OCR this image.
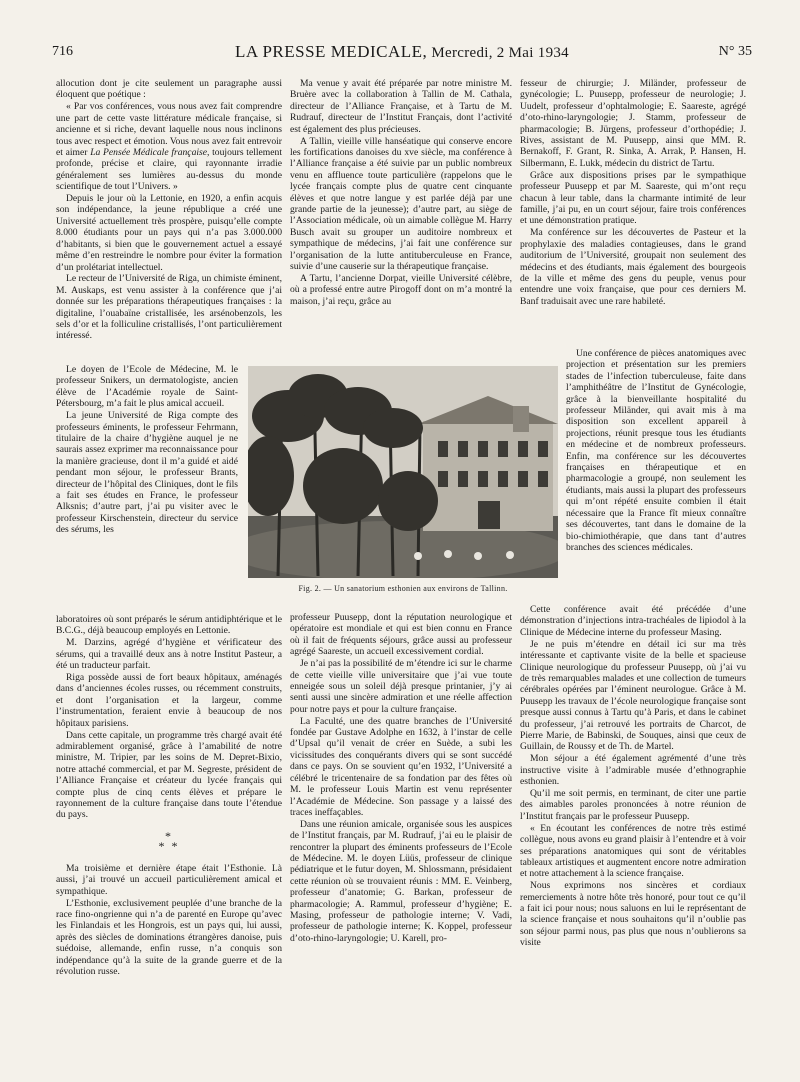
716	LA PRESSE MEDICALE, Mercredi, 2 Mai 1934	N° 35

allocution dont je cite seulement un paragraphe aussi éloquent que poétique :

« Par vos conférences, vous nous avez fait comprendre une part de cette vaste littérature médicale française, si ancienne et si riche, devant laquelle nous nous inclinons tous avec respect et émotion. Vous nous avez fait entrevoir et aimer La Pensée Médicale française, toujours tellement profonde, précise et claire, qui rayonnante irradie généralement ses lumières au-dessus du monde scientifique de tout l’Univers. »

Depuis le jour où la Lettonie, en 1920, a enfin acquis son indépendance, la jeune république a créé une Université actuellement très prospère, puisqu’elle compte 8.000 étudiants pour un pays qui n’a pas 3.000.000 d’habitants, si bien que le gouvernement actuel a essayé même d’en restreindre le nombre pour éviter la formation d’un prolétariat intellectuel.

Le recteur de l’Université de Riga, un chimiste éminent, M. Auskaps, est venu assister à la conférence que j’ai donnée sur les préparations thérapeutiques françaises : la digitaline, l’ouabaïne cristallisée, les arsénobenzols, les sels d’or et la folliculine cristallisés, l’ont particulièrement intéressé.

Le doyen de l’Ecole de Médecine, M. le professeur Snikers, un dermatologiste, ancien élève de l’Académie royale de Saint-Pétersbourg, m’a fait le plus amical accueil.

La jeune Université de Riga compte des professeurs éminents, le professeur Fehrmann, titulaire de la chaire d’hygiène auquel je ne saurais assez exprimer ma reconnaissance pour la manière gracieuse, dont il m’a guidé et aidé pendant mon séjour, le professeur Brants, directeur de l’hôpital des Cliniques, dont le fils a fait ses études en France, le professeur Alksnis; d’autre part, j’ai pu visiter avec le professeur Kirschenstein, directeur du service des sérums, les

laboratoires où sont préparés le sérum antidiphtérique et le B.C.G., déjà beaucoup employés en Lettonie.

M. Darzins, agrégé d’hygiène et vérificateur des sérums, qui a travaillé deux ans à notre Institut Pasteur, a été un traducteur parfait.

Riga possède aussi de fort beaux hôpitaux, aménagés dans d’anciennes écoles russes, ou récemment construits, et dont l’organisation et la largeur, comme l’instrumentation, feraient envie à beaucoup de nos hôpitaux parisiens.

Dans cette capitale, un programme très chargé avait été admirablement organisé, grâce à l’amabilité de notre ministre, M. Tripier, par les soins de M. Depret-Bixio, notre attaché commercial, et par M. Segreste, président de l’Alliance Française et créateur du lycée français qui compte plus de cinq cents élèves et prépare le rayonnement de la culture française dans toute l’étendue du pays.

*
* *

Ma troisième et dernière étape était l’Esthonie. Là aussi, j’ai trouvé un accueil particulièrement amical et sympathique.

L’Esthonie, exclusivement peuplée d’une branche de la race fino-ongrienne qui n’a de parenté en Europe qu’avec les Finlandais et les Hongrois, est un pays qui, lui aussi, après des siècles de dominations étrangères danoise, puis suédoise, allemande, enfin russe, n’a conquis son indépendance qu’à la suite de la grande guerre et de la révolution russe.

Ma venue y avait été préparée par notre ministre M. Bruère avec la collaboration à Tallin de M. Cathala, directeur de l’Alliance Française, et à Tartu de M. Rudrauf, directeur de l’Institut Français, dont l’activité est également des plus précieuses.

A Tallin, vieille ville hanséatique qui conserve encore les fortifications danoises du xve siècle, ma conférence à l’Alliance française a été suivie par un public nombreux venu en affluence toute particulière (rappelons que le lycée français compte plus de quatre cent cinquante élèves et que notre langue y est parlée déjà par une grande partie de la jeunesse); d’autre part, au siège de l’Association médicale, où un aimable collègue M. Harry Busch avait su grouper un auditoire nombreux et sympathique de médecins, j’ai fait une conférence sur l’organisation de la lutte antituberculeuse en France, suivie d’une causerie sur la thérapeutique française.

A Tartu, l’ancienne Dorpat, vieille Université célèbre, où a professé entre autre Pirogoff dont on m’a montré la maison, j’ai reçu, grâce au

Fig. 2. — Un sanatorium esthonien aux environs de Tallinn.

professeur Puusepp, dont la réputation neurologique et opératoire est mondiale et qui est bien connu en France où il fait de fréquents séjours, grâce aussi au professeur agrégé Saareste, un accueil excessivement cordial.

Je n’ai pas la possibilité de m’étendre ici sur le charme de cette vieille ville universitaire que j’ai vue toute enneigée sous un soleil déjà presque printanier, j’y ai senti aussi une sincère admiration et une réelle affection pour notre pays et pour la culture française.

La Faculté, une des quatre branches de l’Université fondée par Gustave Adolphe en 1632, à l’instar de celle d’Upsal qu’il venait de créer en Suède, a subi les vicissitudes des conquérants divers qui se sont succédé dans ce pays. On se souvient qu’en 1932, l’Université a célébré le tricentenaire de sa fondation par des fêtes où M. le professeur Louis Martin est venu représenter l’Académie de Médecine. Son passage y a laissé des traces ineffaçables.

Dans une réunion amicale, organisée sous les auspices de l’Institut français, par M. Rudrauf, j’ai eu le plaisir de rencontrer la plupart des éminents professeurs de l’Ecole de Médecine. M. le doyen Lüüs, professeur de clinique pédiatrique et le futur doyen, M. Shlossmann, présidaient cette réunion où se trouvaient réunis : MM. E. Veinberg, professeur d’anatomie; G. Barkan, professeur de pharmacologie; A. Rammul, professeur d’hygiène; E. Masing, professeur de pathologie interne; V. Vadi, professeur de pathologie interne; K. Koppel, professeur d’oto-rhino-laryngologie; U. Karell, pro-

fesseur de chirurgie; J. Miländer, professeur de gynécologie; L. Puusepp, professeur de neurologie; J. Uudelt, professeur d’ophtalmologie; E. Saareste, agrégé d’oto-rhino-laryngologie; J. Stamm, professeur de pharmacologie; B. Jürgens, professeur d’orthopédie; J. Rives, assistant de M. Puusepp, ainsi que MM. R. Bernakoff, F. Grant, R. Sinka, A. Arrak, P. Hansen, H. Silbermann, E. Lukk, médecin du district de Tartu.

Grâce aux dispositions prises par le sympathique professeur Puusepp et par M. Saareste, qui m’ont reçu chacun à leur table, dans la charmante intimité de leur famille, j’ai pu, en un court séjour, faire trois conférences et une démonstration pratique.

Ma conférence sur les découvertes de Pasteur et la prophylaxie des maladies contagieuses, dans le grand auditorium de l’Université, groupait non seulement des médecins et des étudiants, mais également des bourgeois de la ville et même des gens du peuple, venus pour entendre une voix française, que pour ces derniers M. Banf traduisait avec une rare habileté.

Une conférence de pièces anatomiques avec projection et présentation sur les premiers stades de l’infection tuberculeuse, faite dans l’amphithéâtre de l’Institut de Gynécologie, grâce à la bienveillante hospitalité du professeur Miländer, qui avait mis à ma disposition son excellent appareil à projections, réunit presque tous les étudiants en médecine et de nombreux professeurs. Enfin, ma conférence sur les découvertes françaises en thérapeutique et en pharmacologie a groupé, non seulement les étudiants, mais aussi la plupart des professeurs qui m’ont répété ensuite combien il était nécessaire que la France fît mieux connaître ses découvertes, tant dans le domaine de la bio-chimiothérapie, que dans tant d’autres branches des sciences médicales.

Cette conférence avait été précédée d’une démonstration d’injections intra-trachéales de lipiodol à la Clinique de Médecine interne du professeur Masing.

Je ne puis m’étendre en détail ici sur ma très intéressante et captivante visite de la belle et spacieuse Clinique neurologique du professeur Puusepp, où j’ai vu de très remarquables malades et une collection de tumeurs cérébrales opérées par l’éminent neurologue. Grâce à M. Puusepp les travaux de l’école neurologique française sont presque aussi connus à Tartu qu’à Paris, et dans le cabinet du professeur, j’ai retrouvé les portraits de Charcot, de Pierre Marie, de Babinski, de Souques, ainsi que ceux de Guillain, de Roussy et de Th. de Martel.

Mon séjour a été également agrémenté d’une très instructive visite à l’admirable musée d’ethnographie esthonien.

Qu’il me soit permis, en terminant, de citer une partie des aimables paroles prononcées à notre réunion de l’Institut français par le professeur Puusepp.

« En écoutant les conférences de notre très estimé collègue, nous avons eu grand plaisir à l’entendre et à voir ses préparations anatomiques qui sont de véritables tableaux artistiques et augmentent encore notre admiration et notre attachement à la science française.

Nous exprimons nos sincères et cordiaux remerciements à notre hôte très honoré, pour tout ce qu’il a fait ici pour nous; nous saluons en lui le représentant de la science française et nous souhaitons qu’il n’oublie pas son séjour parmi nous, pas plus que nous n’oublierons sa visite
